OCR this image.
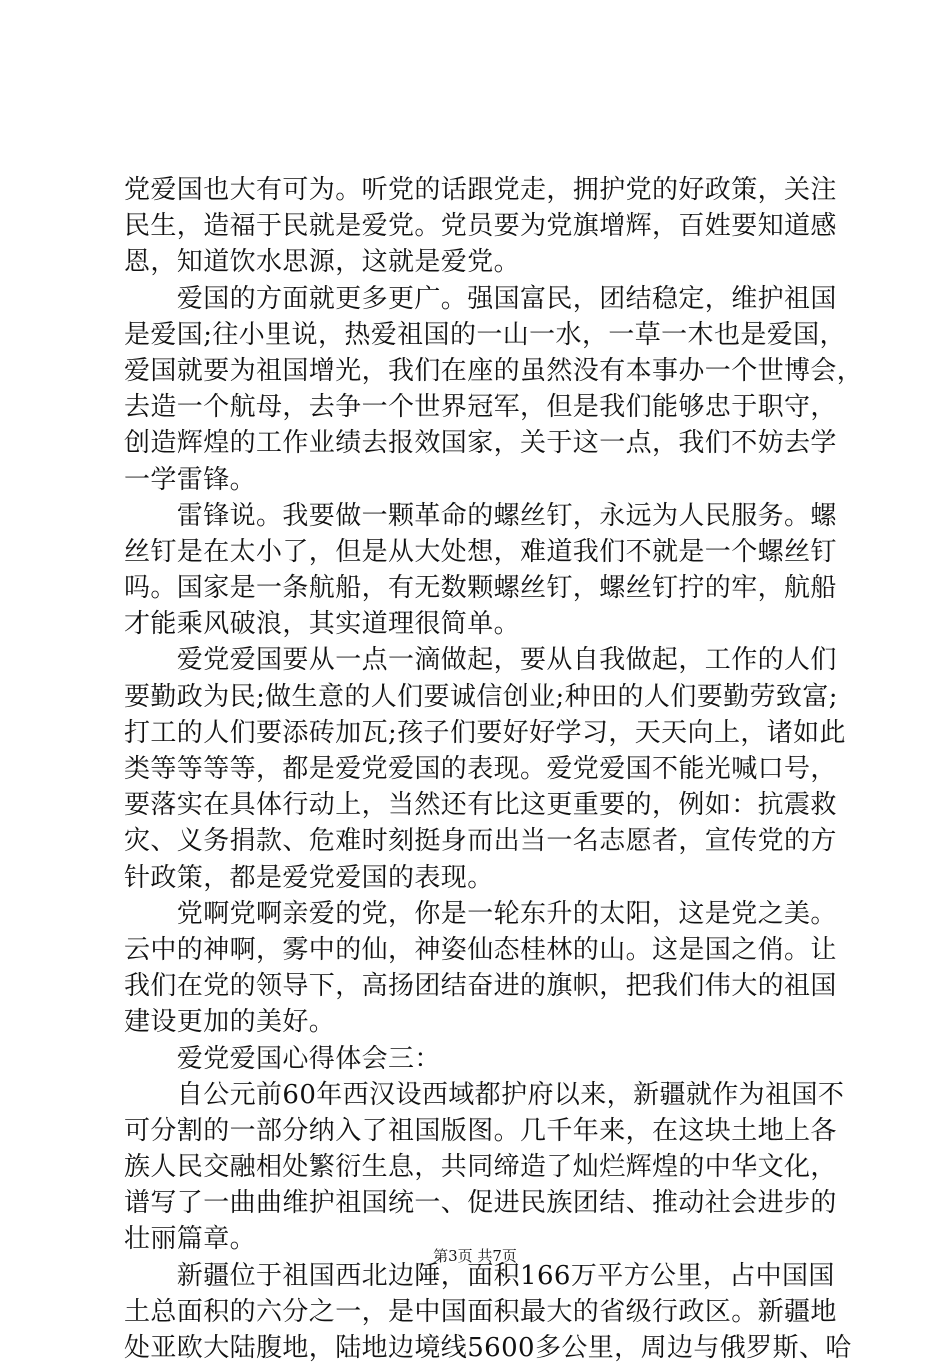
党爱国也大有可为。听党的话跟党走，拥护党的好政策，关注
民生，造福于民就是爱党。党员要为党旗增辉，百姓要知道感
恩，知道饮水思源，这就是爱党。
　　爱国的方面就更多更广。强国富民，团结稳定，维护祖国
是爱国;往小里说，热爱祖国的一山一水，一草一木也是爱国，
爱国就要为祖国增光，我们在座的虽然没有本事办一个世博会，
去造一个航母，去争一个世界冠军，但是我们能够忠于职守，
创造辉煌的工作业绩去报效国家，关于这一点，我们不妨去学
一学雷锋。
　　雷锋说。我要做一颗革命的螺丝钉，永远为人民服务。螺
丝钉是在太小了，但是从大处想，难道我们不就是一个螺丝钉
吗。国家是一条航船，有无数颗螺丝钉，螺丝钉拧的牢，航船
才能乘风破浪，其实道理很简单。
　　爱党爱国要从一点一滴做起，要从自我做起，工作的人们
要勤政为民;做生意的人们要诚信创业;种田的人们要勤劳致富;
打工的人们要添砖加瓦;孩子们要好好学习，天天向上，诸如此
类等等等等，都是爱党爱国的表现。爱党爱国不能光喊口号，
要落实在具体行动上，当然还有比这更重要的，例如：抗震救
灾、义务捐款、危难时刻挺身而出当一名志愿者，宣传党的方
针政策，都是爱党爱国的表现。
　　党啊党啊亲爱的党，你是一轮东升的太阳，这是党之美。
云中的神啊，雾中的仙，神姿仙态桂林的山。这是国之俏。让
我们在党的领导下，高扬团结奋进的旗帜，把我们伟大的祖国
建设更加的美好。
　　爱党爱国心得体会三：
　　自公元前60年西汉设西域都护府以来，新疆就作为祖国不
可分割的一部分纳入了祖国版图。几千年来，在这块土地上各
族人民交融相处繁衍生息，共同缔造了灿烂辉煌的中华文化，
谱写了一曲曲维护祖国统一、促进民族团结、推动社会进步的
壮丽篇章。
　　新疆位于祖国西北边陲，面积166万平方公里，占中国国
土总面积的六分之一，是中国面积最大的省级行政区。新疆地
处亚欧大陆腹地，陆地边境线5600多公里，周边与俄罗斯、哈
第3页 共7页
